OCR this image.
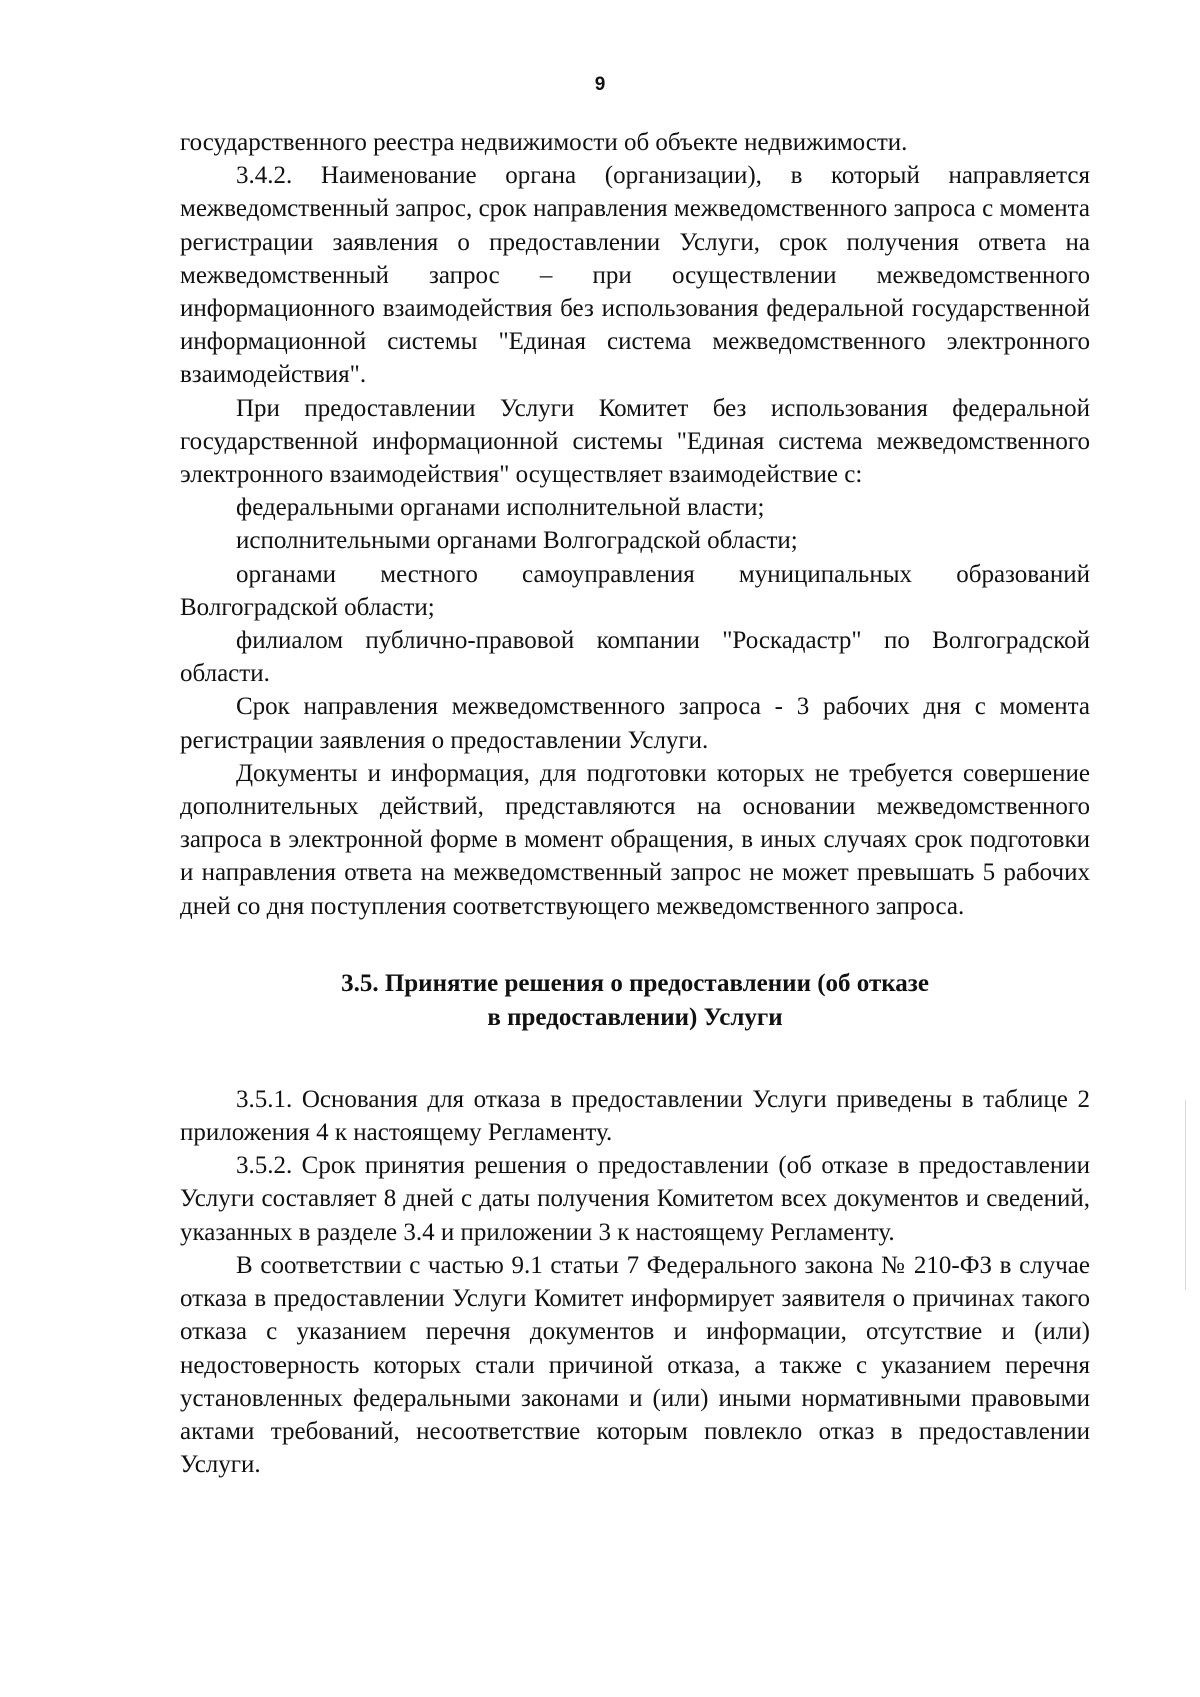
9

государственного реестра недвижимости об объекте недвижимости.

3.4.2. Наименование органа (организации), в который направляется межведомственный запрос, срок направления межведомственного запроса с момента регистрации заявления о предоставлении Услуги, срок получения ответа на межведомственный запрос – при осуществлении межведомственного информационного взаимодействия без использования федеральной государственной информационной системы "Единая система межведомственного электронного взаимодействия".

При предоставлении Услуги Комитет без использования федеральной государственной информационной системы "Единая система межведомственного электронного взаимодействия" осуществляет взаимодействие с:

федеральными органами исполнительной власти;

исполнительными органами Волгоградской области;

органами местного самоуправления муниципальных образований Волгоградской области;

филиалом публично-правовой компании "Роскадастр" по Волгоградской области.

Срок направления межведомственного запроса - 3 рабочих дня с момента регистрации заявления о предоставлении Услуги.

Документы и информация, для подготовки которых не требуется совершение дополнительных действий, представляются на основании межведомственного запроса в электронной форме в момент обращения, в иных случаях срок подготовки и направления ответа на межведомственный запрос не может превышать 5 рабочих дней со дня поступления соответствующего межведомственного запроса.

3.5. Принятие решения о предоставлении (об отказе
в предоставлении) Услуги

3.5.1. Основания для отказа в предоставлении Услуги приведены в таблице 2 приложения 4 к настоящему Регламенту.

3.5.2. Срок принятия решения о предоставлении (об отказе в предоставлении Услуги составляет 8 дней с даты получения Комитетом всех документов и сведений, указанных в разделе 3.4 и приложении 3 к настоящему Регламенту.

В соответствии с частью 9.1 статьи 7 Федерального закона № 210-ФЗ в случае отказа в предоставлении Услуги Комитет информирует заявителя о причинах такого отказа с указанием перечня документов и информации, отсутствие и (или) недостоверность которых стали причиной отказа, а также с указанием перечня установленных федеральными законами и (или) иными нормативными правовыми актами требований, несоответствие которым повлекло отказ в предоставлении Услуги.
